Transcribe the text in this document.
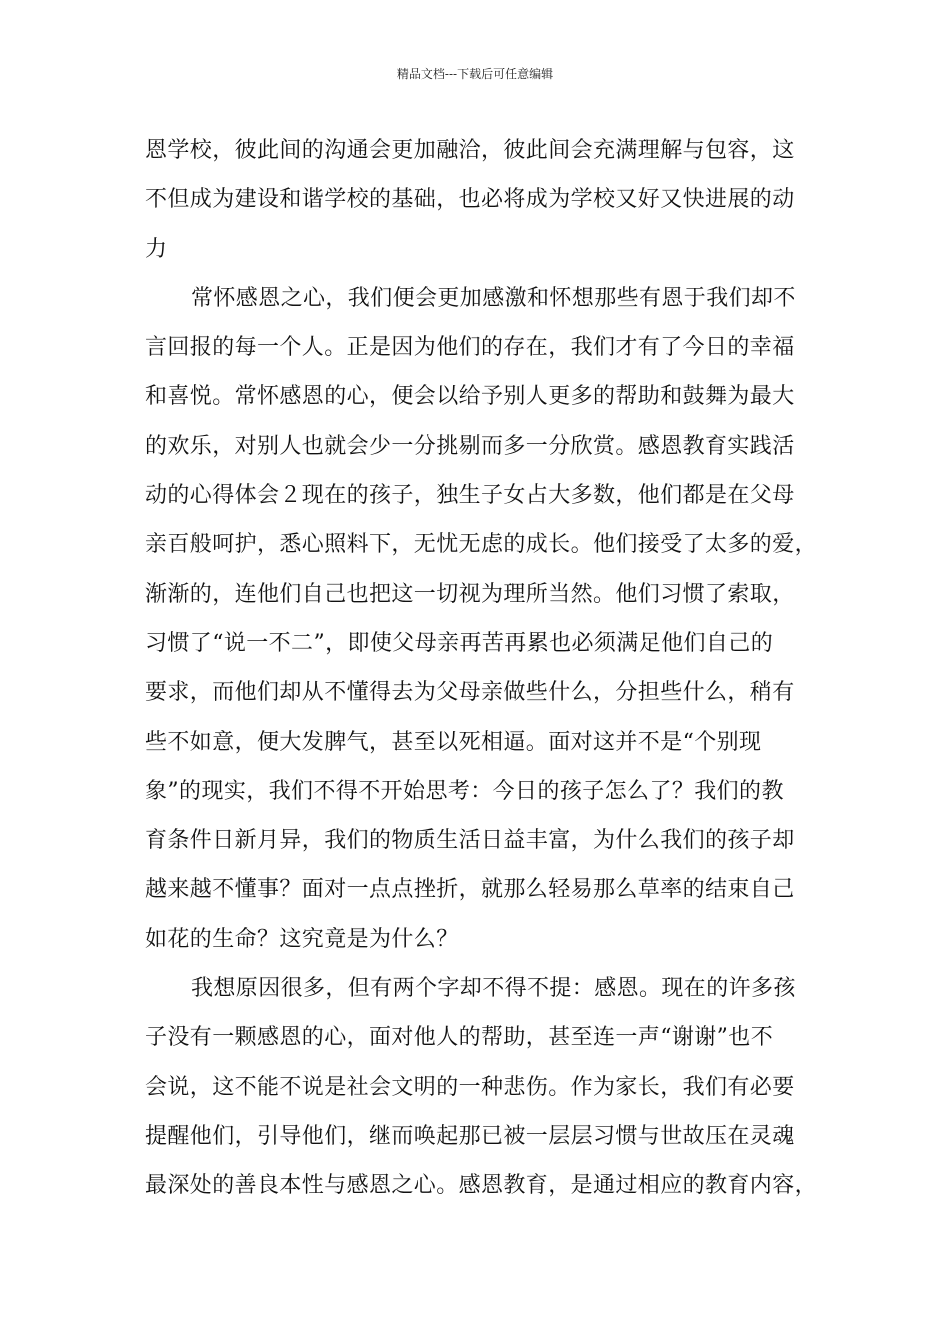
精品文档---下载后可任意编辑
恩学校，彼此间的沟通会更加融洽，彼此间会充满理解与包容，这
不但成为建设和谐学校的基础，也必将成为学校又好又快进展的动
力
常怀感恩之心，我们便会更加感激和怀想那些有恩于我们却不
言回报的每一个人。正是因为他们的存在，我们才有了今日的幸福
和喜悦。常怀感恩的心，便会以给予别人更多的帮助和鼓舞为最大
的欢乐，对别人也就会少一分挑剔而多一分欣赏。感恩教育实践活
动的心得体会２现在的孩子，独生子女占大多数，他们都是在父母
亲百般呵护，悉心照料下，无忧无虑的成长。他们接受了太多的爱，
渐渐的，连他们自己也把这一切视为理所当然。他们习惯了索取，
习惯了“说一不二”，即使父母亲再苦再累也必须满足他们自己的
要求，而他们却从不懂得去为父母亲做些什么，分担些什么，稍有
些不如意，便大发脾气，甚至以死相逼。面对这并不是“个别现
象”的现实，我们不得不开始思考：今日的孩子怎么了？我们的教
育条件日新月异，我们的物质生活日益丰富，为什么我们的孩子却
越来越不懂事？面对一点点挫折，就那么轻易那么草率的结束自己
如花的生命？这究竟是为什么？
我想原因很多，但有两个字却不得不提：感恩。现在的许多孩
子没有一颗感恩的心，面对他人的帮助，甚至连一声“谢谢”也不
会说，这不能不说是社会文明的一种悲伤。作为家长，我们有必要
提醒他们，引导他们，继而唤起那已被一层层习惯与世故压在灵魂
最深处的善良本性与感恩之心。感恩教育，是通过相应的教育内容，
